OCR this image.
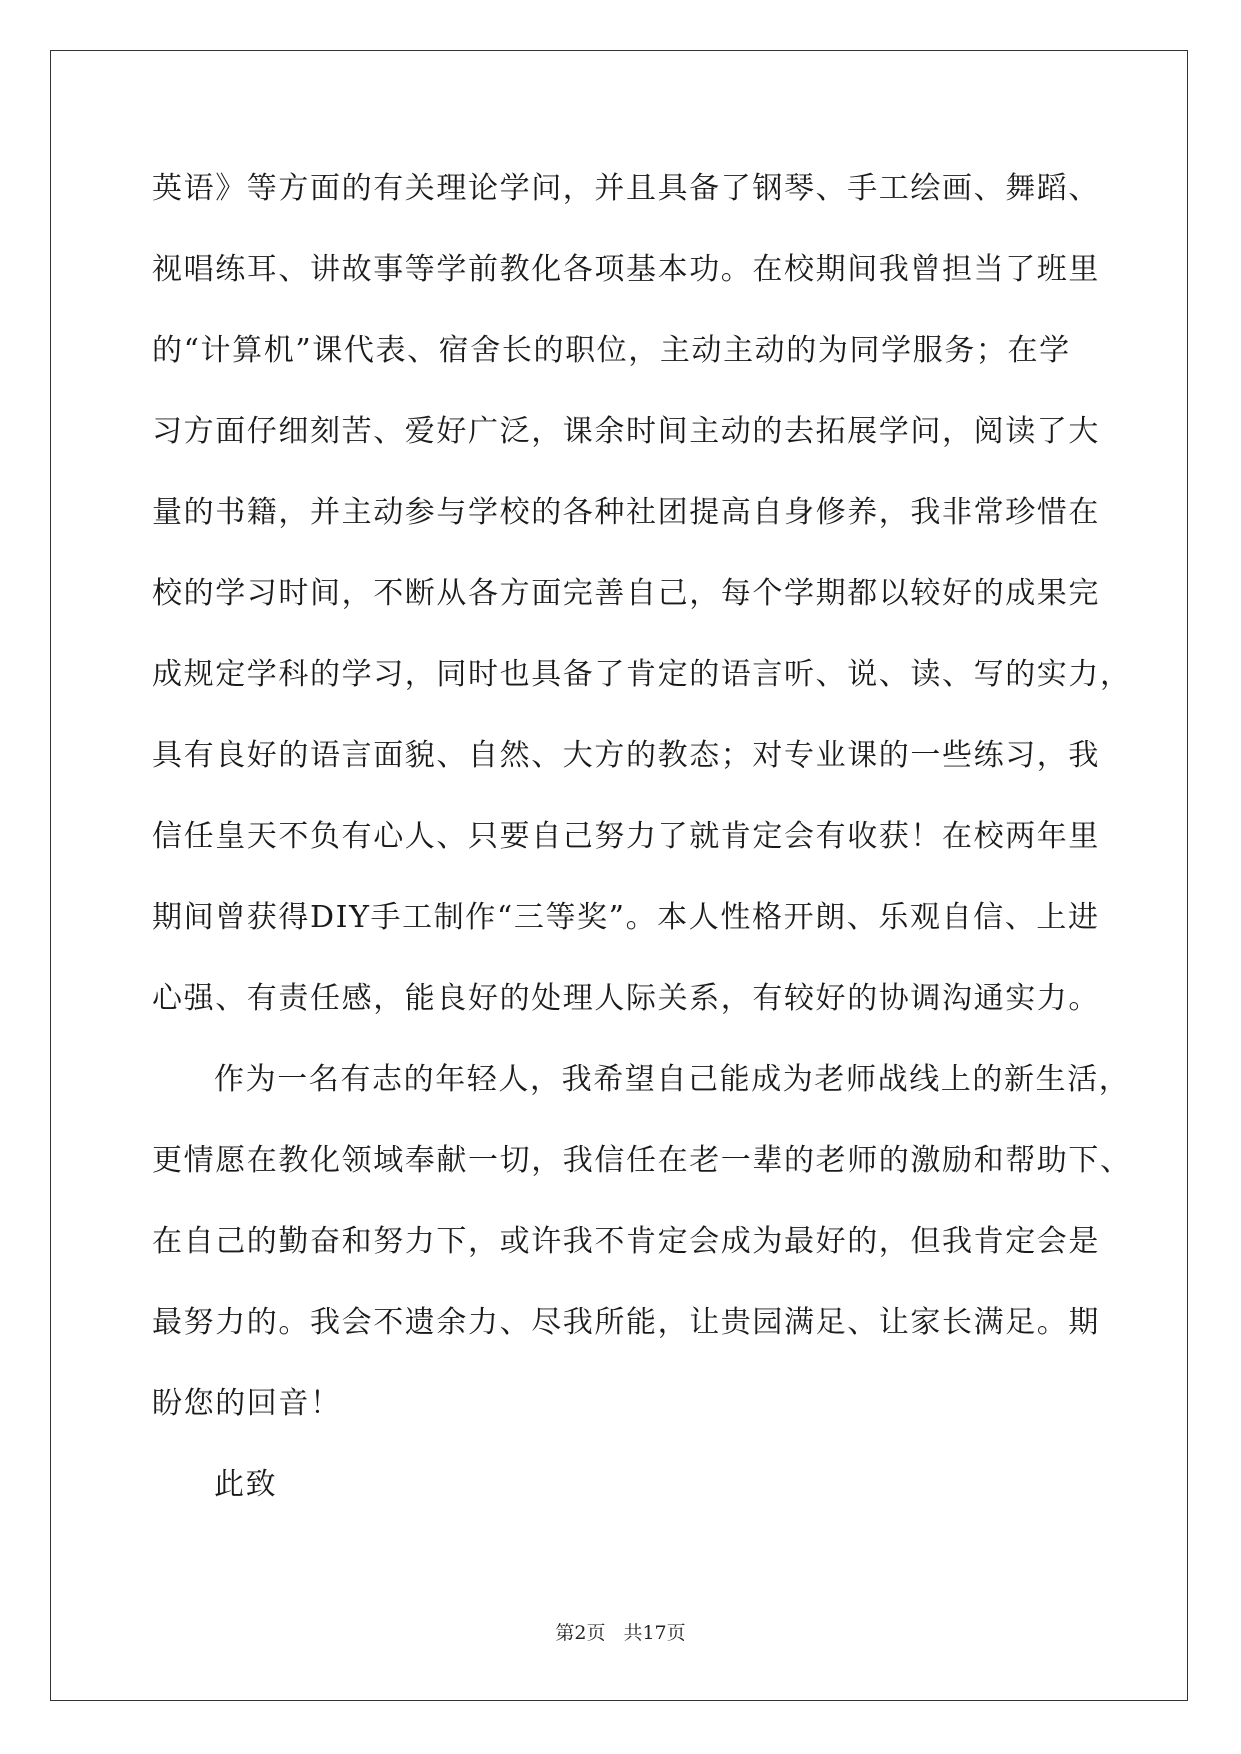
英语》等方面的有关理论学问，并且具备了钢琴、手工绘画、舞蹈、
视唱练耳、讲故事等学前教化各项基本功。在校期间我曾担当了班里
的“计算机”课代表、宿舍长的职位，主动主动的为同学服务；在学
习方面仔细刻苦、爱好广泛，课余时间主动的去拓展学问，阅读了大
量的书籍，并主动参与学校的各种社团提高自身修养，我非常珍惜在
校的学习时间，不断从各方面完善自己，每个学期都以较好的成果完
成规定学科的学习，同时也具备了肯定的语言听、说、读、写的实力，
具有良好的语言面貌、自然、大方的教态；对专业课的一些练习，我
信任皇天不负有心人、只要自己努力了就肯定会有收获！在校两年里
期间曾获得DIY手工制作“三等奖”。本人性格开朗、乐观自信、上进
心强、有责任感，能良好的处理人际关系，有较好的协调沟通实力。
作为一名有志的年轻人，我希望自己能成为老师战线上的新生活，
更情愿在教化领域奉献一切，我信任在老一辈的老师的激励和帮助下、
在自己的勤奋和努力下，或许我不肯定会成为最好的，但我肯定会是
最努力的。我会不遗余力、尽我所能，让贵园满足、让家长满足。期
盼您的回音！
此致
第2页 共17页
